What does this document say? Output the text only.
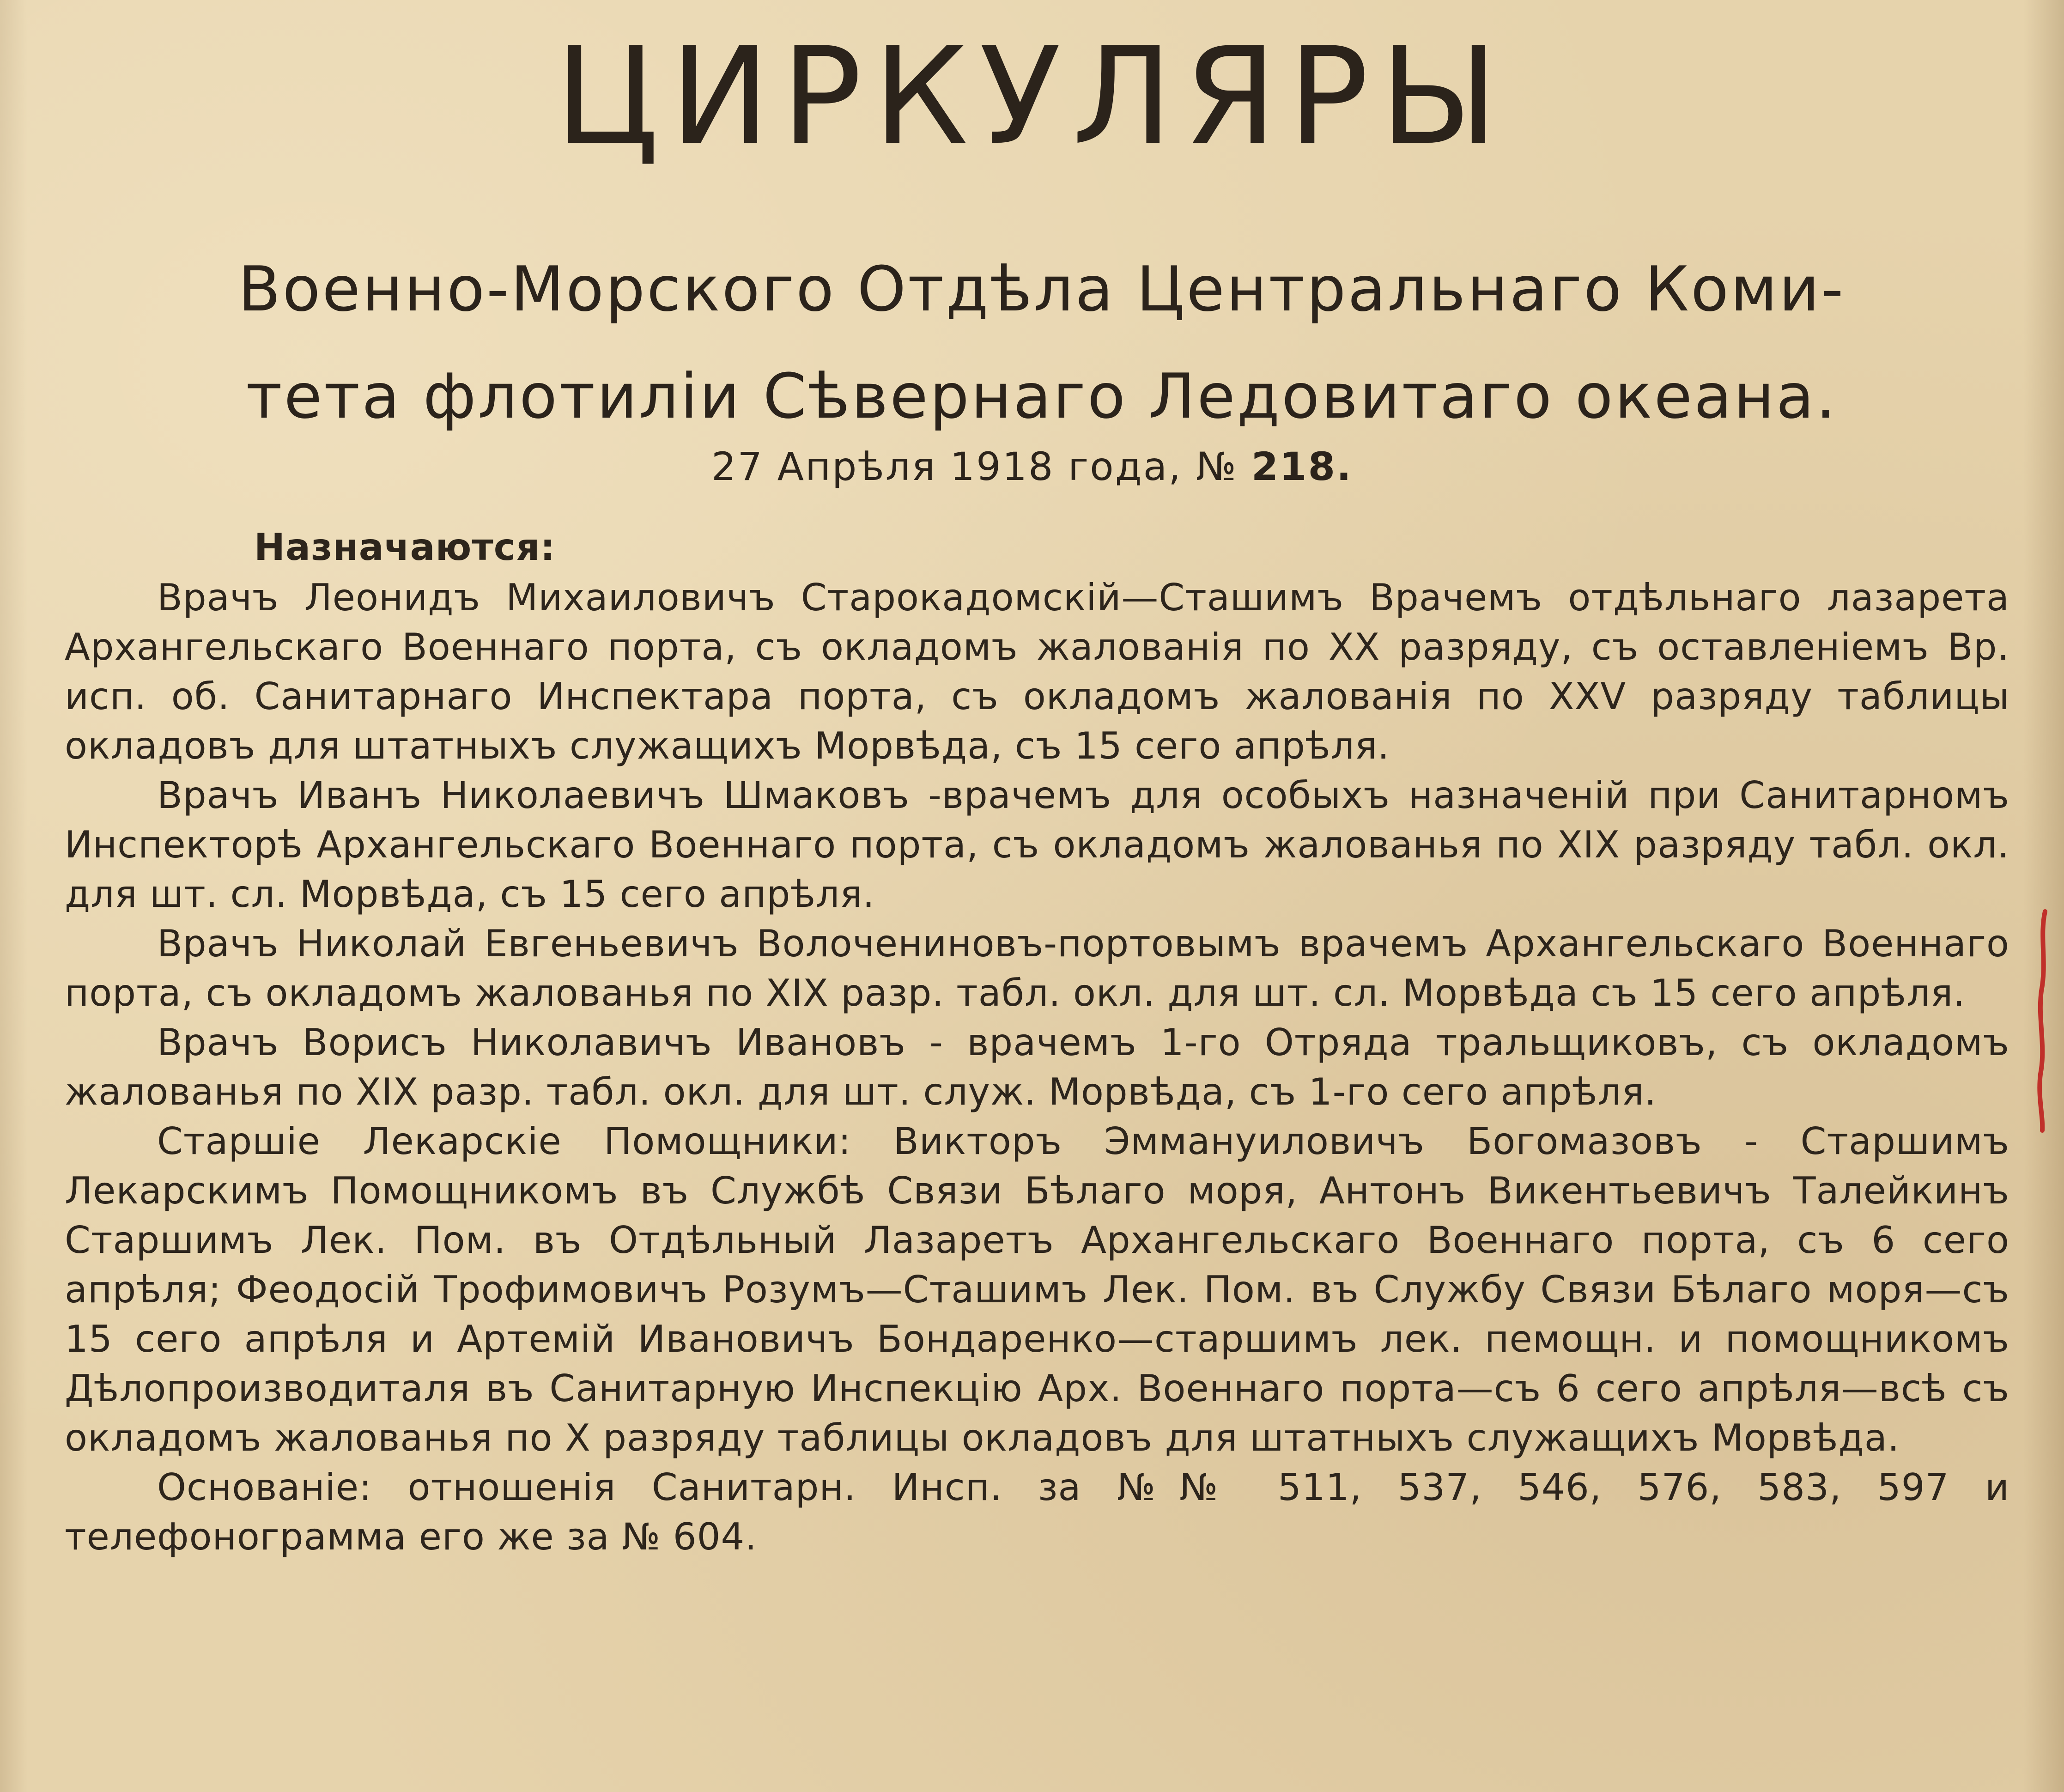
ЦИРКУЛЯРЫ
Военно-Морского Отдѣла Центральнаго Коми-
тета флотиліи Сѣвернаго Ледовитаго океана.
27 Апрѣля 1918 года, № 218.

Назначаются:

Врачъ Леонидъ Михаиловичъ Старокадомскій—Сташимъ Врачемъ отдѣльнаго лазарета Архангельскаго Военнаго порта, съ окладомъ жалованія по XX разряду, съ оставленіемъ Вр. исп. об. Санитарнаго Инспектара порта, съ окладомъ жалованія по XXV разряду таблицы окладовъ для штатныхъ служащихъ Морвѣда, съ 15 сего апрѣля.

Врачъ Иванъ Николаевичъ Шмаковъ -врачемъ для особыхъ назначеній при Санитарномъ Инспекторѣ Архангельскаго Военнаго порта, съ окладомъ жалованья по XIX разряду табл. окл. для шт. сл. Морвѣда, съ 15 сего апрѣля.

Врачъ Николай Евгеньевичъ Волочениновъ-портовымъ врачемъ Архангельскаго Военнаго порта, съ окладомъ жалованья по XIX разр. табл. окл. для шт. сл. Морвѣда съ 15 сего апрѣля.

Врачъ Ворисъ Николавичъ Ивановъ - врачемъ 1-го Отряда тральщиковъ, съ окладомъ жалованья по XIX разр. табл. окл. для шт. служ. Морвѣда, съ 1-го сего апрѣля.

Старшіе Лекарскіе Помощники: Викторъ Эммануиловичъ Богомазовъ - Старшимъ Лекарскимъ Помощникомъ въ Службѣ Связи Бѣлаго моря, Антонъ Викентьевичъ Талейкинъ Старшимъ Лек. Пом. въ Отдѣльный Лазаретъ Архангельскаго Военнаго порта, съ 6 сего апрѣля; Феодосій Трофимовичъ Розумъ—Сташимъ Лек. Пом. въ Службу Связи Бѣлаго моря—съ 15 сего апрѣля и Артемій Ивановичъ Бондаренко—старшимъ лек. пемощн. и помощникомъ Дѣлопроизводиталя въ Санитарную Инспекцію Арх. Военнаго порта—съ 6 сего апрѣля—всѣ съ окладомъ жалованья по X разряду таблицы окладовъ для штатныхъ служащихъ Морвѣда.

Основаніе: отношенія Санитарн. Инсп. за №№ 511, 537, 546, 576, 583, 597 и телефонограмма его же за № 604.
